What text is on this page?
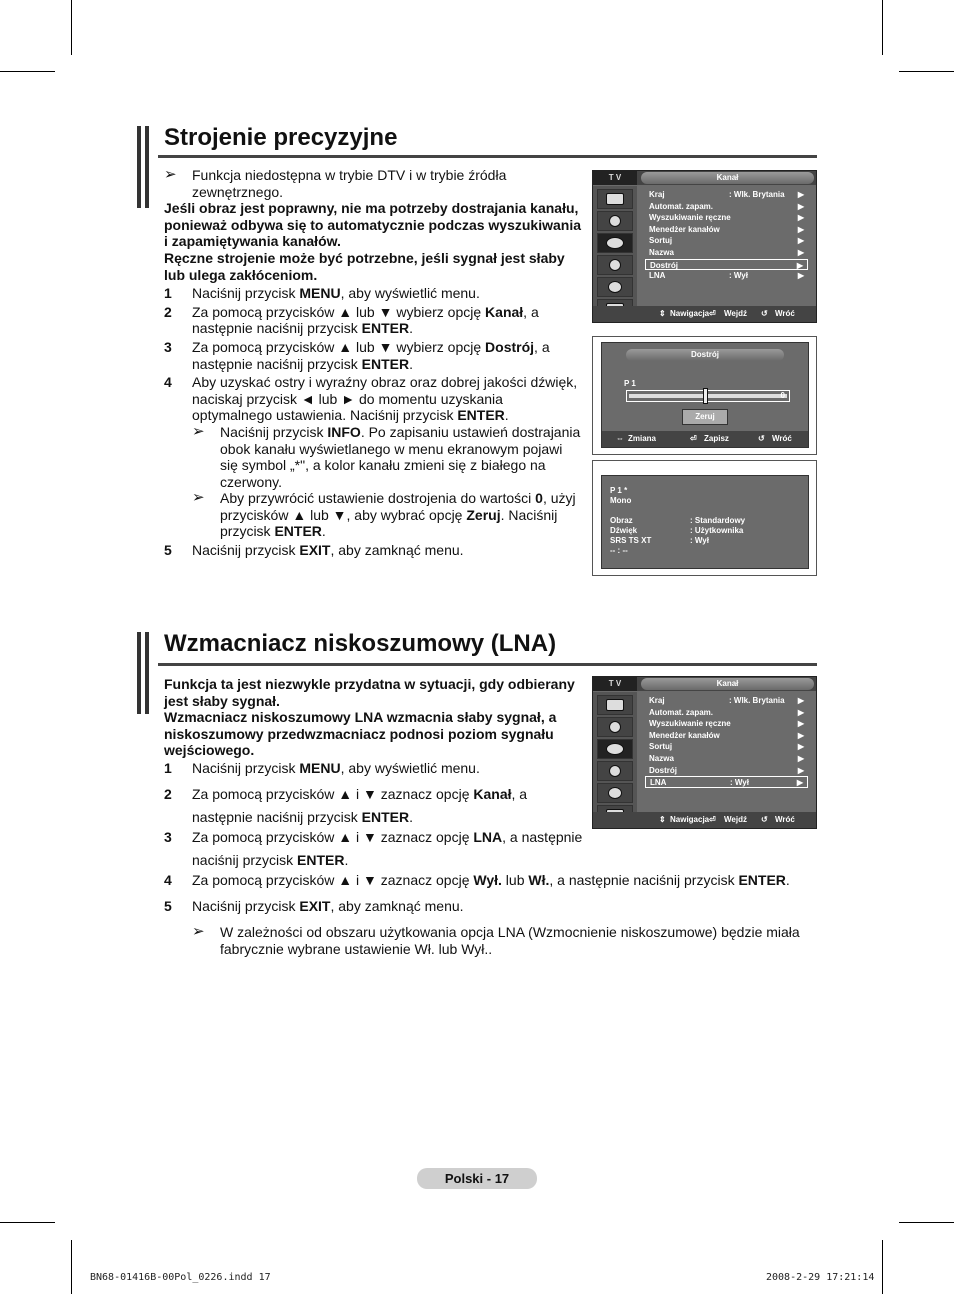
Strojenie precyzyjne
➢ Funkcja niedostępna w trybie DTV i w trybie źródła zewnętrznego.
Jeśli obraz jest poprawny, nie ma potrzeby dostrajania kanału, ponieważ odbywa się to automatycznie podczas wyszukiwania i zapamiętywania kanałów.
Ręczne strojenie może być potrzebne, jeśli sygnał jest słaby lub ulega zakłóceniom.
1 Naciśnij przycisk MENU, aby wyświetlić menu.
2 Za pomocą przycisków ▲ lub ▼ wybierz opcję Kanał, a następnie naciśnij przycisk ENTER.
3 Za pomocą przycisków ▲ lub ▼ wybierz opcję Dostrój, a następnie naciśnij przycisk ENTER.
4 Aby uzyskać ostry i wyraźny obraz oraz dobrej jakości dźwięk, naciskaj przycisk ◄ lub ► do momentu uzyskania optymalnego ustawienia. Naciśnij przycisk ENTER.
➢ Naciśnij przycisk INFO. Po zapisaniu ustawień dostrajania obok kanału wyświetlanego w menu ekranowym pojawi się symbol „*", a kolor kanału zmieni się z białego na czerwony.
➢ Aby przywrócić ustawienie dostrojenia do wartości 0, użyj przycisków ▲ lub ▼, aby wybrać opcję Zeruj. Naciśnij przycisk ENTER.
5 Naciśnij przycisk EXIT, aby zamknąć menu.
T V	Kanał
Kraj	: Wlk. Brytania ▶
Automat. zapam.	▶
Wyszukiwanie ręczne	▶
Menedżer kanałów	▶
Sortuj	▶
Nazwa	▶
Dostrój	▶
LNA	: Wył	▶
⇕ Nawigacja ⏎ Wejdź ↺ Wróć
Dostrój
P 1
0
Zeruj
⇔ Zmiana	⏎ Zapisz	↺ Wróć
P 1 *
Mono
Obraz	: Standardowy
Dźwięk	: Użytkownika
SRS TS XT	: Wył
-- : --
Wzmacniacz niskoszumowy (LNA)
Funkcja ta jest niezwykle przydatna w sytuacji, gdy odbierany jest słaby sygnał.
Wzmacniacz niskoszumowy LNA wzmacnia słaby sygnał, a niskoszumowy przedwzmacniacz podnosi poziom sygnału wejściowego.
1 Naciśnij przycisk MENU, aby wyświetlić menu.
2 Za pomocą przycisków ▲ i ▼ zaznacz opcję Kanał, a
następnie naciśnij przycisk ENTER.
3 Za pomocą przycisków ▲ i ▼ zaznacz opcję LNA, a następnie
naciśnij przycisk ENTER.
4 Za pomocą przycisków ▲ i ▼ zaznacz opcję Wył. lub Wł., a następnie naciśnij przycisk ENTER.
5 Naciśnij przycisk EXIT, aby zamknąć menu.
➢ W zależności od obszaru użytkowania opcja LNA (Wzmocnienie niskoszumowe) będzie miała fabrycznie wybrane ustawienie Wł. lub Wył..
T V	Kanał
Kraj	: Wlk. Brytania ▶
Automat. zapam.	▶
Wyszukiwanie ręczne	▶
Menedżer kanałów	▶
Sortuj	▶
Nazwa	▶
Dostrój	▶
LNA	: Wył	▶
⇕ Nawigacja ⏎ Wejdź ↺ Wróć
Polski - 17
BN68-01416B-00Pol_0226.indd 17	2008-2-29 17:21:14
